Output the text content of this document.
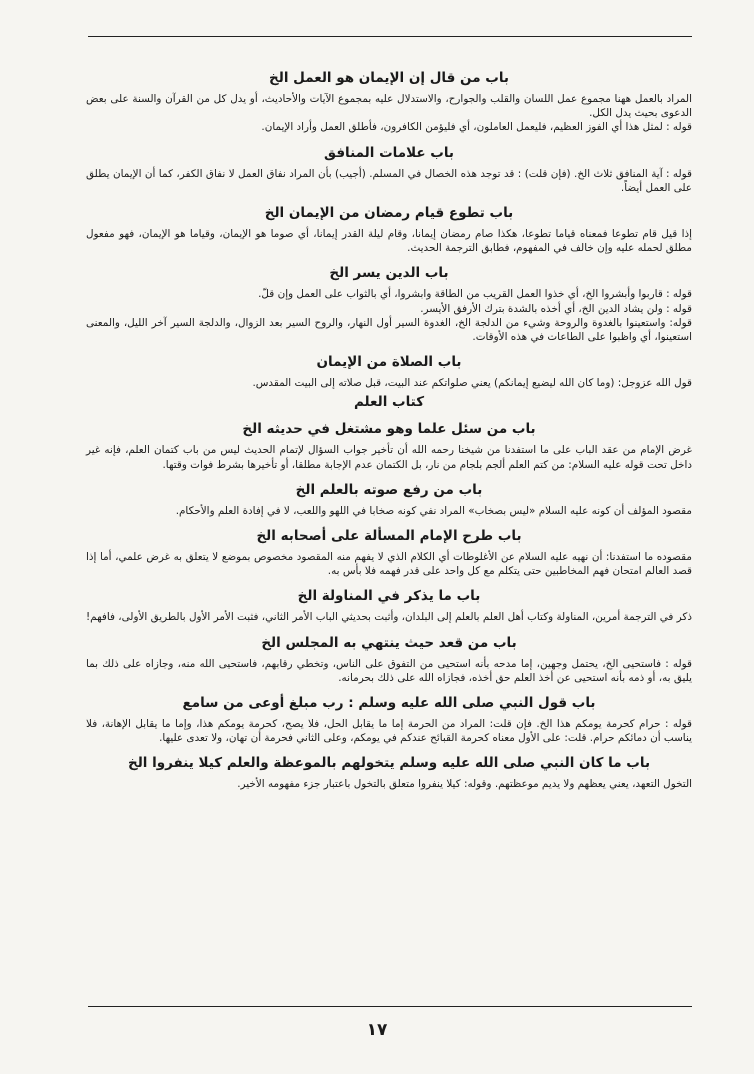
باب من قال إن الإيمان هو العمل الخ

المراد بالعمل ههنا مجموع عمل اللسان والقلب والجوارح، والاستدلال عليه بمجموع الآيات والأحاديث، أو يدل كل من القرآن والسنة على بعض الدعوى بحيث يدل الكل.

قوله : لمثل هذا أي الفوز العظيم، فليعمل العاملون، أي فليؤمن الكافرون، فأطلق العمل وأراد الإيمان.

باب علامات المنافق

قوله : آية المنافق ثلاث الخ. (فإن قلت) : قد توجد هذه الخصال في المسلم. (أجيب) بأن المراد نفاق العمل لا نفاق الكفر، كما أن الإيمان يطلق على العمل أيضاً.

باب تطوع قيام رمضان من الإيمان الخ

إذا قيل قام تطوعا فمعناه قياما تطوعا، هكذا صام رمضان إيمانا، وقام ليلة القدر إيمانا، أي صوما هو الإيمان، وقياما هو الإيمان، فهو مفعول مطلق لحمله عليه وإن خالف في المفهوم، فطابق الترجمة الحديث.

باب الدين يسر الخ

قوله : قاربوا وأبشروا الخ، أي خذوا العمل القريب من الطاقة وابشروا، أي بالثواب على العمل وإن قلّ.

قوله : ولن يشاد الدين الخ، أي أخذه بالشدة بترك الأرفق الأيسر.

قوله: واستعينوا بالغدوة والروحة وشيء من الدلجة الخ، الغدوة السير أول النهار، والروح السير بعد الزوال، والدلجة السير آخر الليل، والمعنى استعينوا، أي واظبوا على الطاعات في هذه الأوقات.

باب الصلاة من الإيمان

قول الله عزوجل: (وما كان الله ليضيع إيمانكم) يعني صلواتكم عند البيت، قبل صلاته إلى البيت المقدس.

كتاب العلم
باب من سئل علما وهو مشتغل في حديثه الخ

غرض الإمام من عقد الباب على ما استفدنا من شيخنا رحمه الله أن تأخير جواب السؤال لإتمام الحديث ليس من باب كتمان العلم، فإنه غير داخل تحت قوله عليه السلام: من كتم العلم ألجم بلجام من نار، بل الكتمان عدم الإجابة مطلقا، أو تأخيرها بشرط فوات وقتها.

باب من رفع صوته بالعلم الخ

مقصود المؤلف أن كونه عليه السلام «ليس بصخاب» المراد نفي كونه صخابا في اللهو واللعب، لا في إفادة العلم والأحكام.

باب طرح الإمام المسألة على أصحابه الخ

مقصوده ما استفدنا: أن نهيه عليه السلام عن الأغلوطات أي الكلام الذي لا يفهم منه المقصود مخصوص بموضع لا يتعلق به غرض علمي، أما إذا قصد العالم امتحان فهم المخاطبين حتى يتكلم مع كل واحد على قدر فهمه فلا بأس به.

باب ما يذكر في المناولة الخ

ذكر في الترجمة أمرين، المناولة وكتاب أهل العلم بالعلم إلى البلدان، وأثبت بحديثي الباب الأمر الثاني، فثبت الأمر الأول بالطريق الأولى، فافهم!

باب من قعد حيث ينتهي به المجلس الخ

قوله : فاستحيى الخ، يحتمل وجهين، إما مدحه بأنه استحيى من التفوق على الناس، وتخطي رقابهم، فاستحيى الله منه، وجازاه على ذلك بما يليق به، أو ذمه بأنه استحيى عن أخذ العلم حق أخذه، فجازاه الله على ذلك بحرمانه.

باب قول النبي صلى الله عليه وسلم : رب مبلغ أوعى من سامع

قوله : حرام كحرمة يومكم هذا الخ. فإن قلت: المراد من الحرمة إما ما يقابل الحل، فلا يصح، كحرمة يومكم هذا، وإما ما يقابل الإهانة، فلا يناسب أن دمائكم حرام. قلت: على الأول معناه كحرمة القبائح عندكم في يومكم، وعلى الثاني فحرمة أن تهان، ولا تعدى عليها.

باب ما كان النبي صلى الله عليه وسلم يتخولهم بالموعظة والعلم كيلا ينفروا الخ

التخول التعهد، يعني يعظهم ولا يديم موعظتهم. وقوله: كيلا ينفروا متعلق بالتخول باعتبار جزء مفهومه الأخير.

١٧
